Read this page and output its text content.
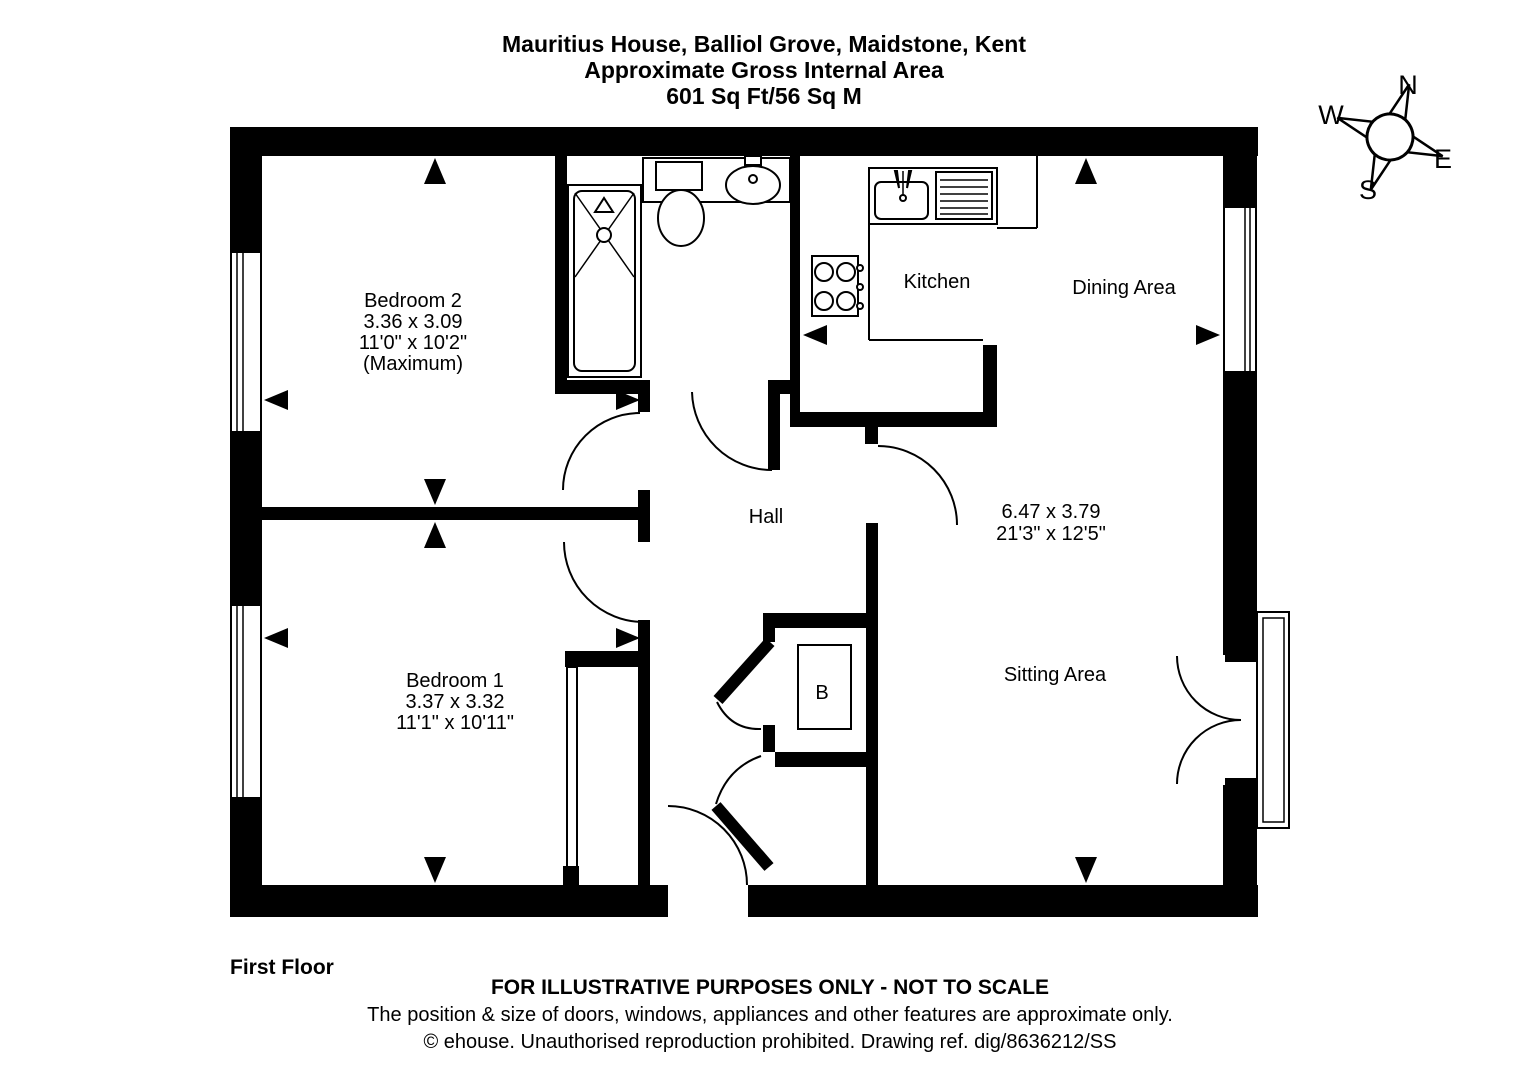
Mauritius House, Balliol Grove, Maidstone, Kent
Approximate Gross Internal Area
601 Sq Ft/56 Sq M	N
W
E
S
B
Bedroom 2
3.36 x 3.09
11'0" x 10'2"
(Maximum)
Bedroom 1
3.37 x 3.32
11'1" x 10'11"
Kitchen	Dining Area
Hall	6.47 x 3.79
21'3" x 12'5"
Sitting Area
First Floor
FOR ILLUSTRATIVE PURPOSES ONLY - NOT TO SCALE
The position & size of doors, windows, appliances and other features are approximate only.
© ehouse. Unauthorised reproduction prohibited. Drawing ref. dig/8636212/SS
